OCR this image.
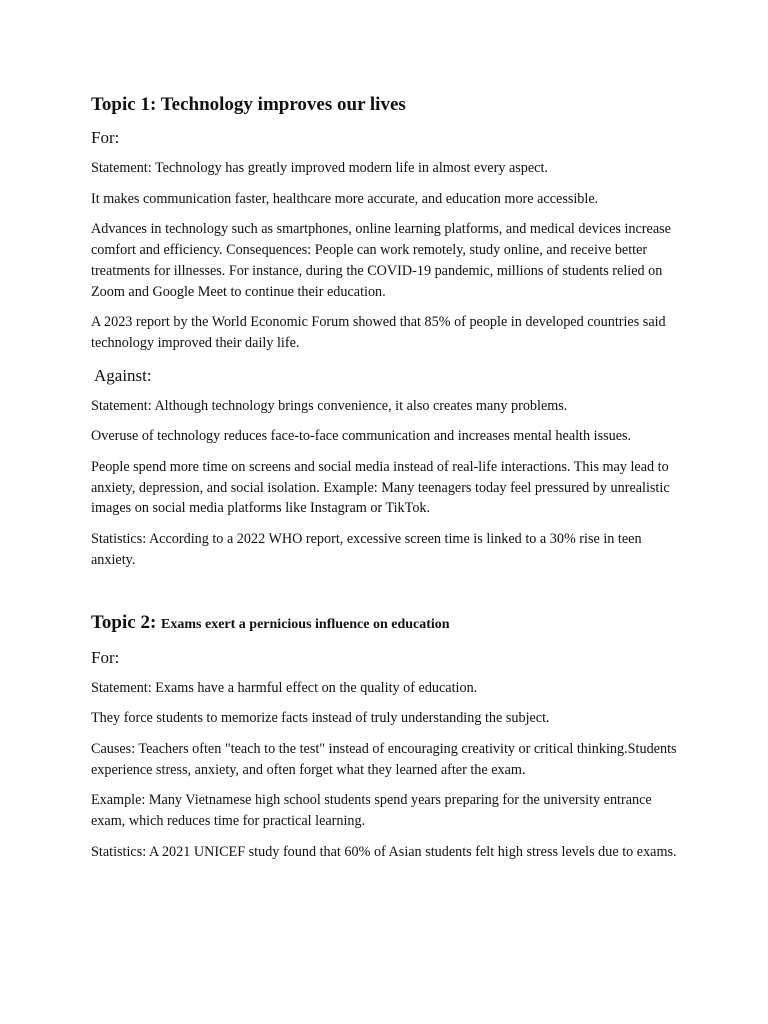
Topic 1: Technology improves our lives
For:

Statement: Technology has greatly improved modern life in almost every aspect.

It makes communication faster, healthcare more accurate, and education more accessible.

Advances in technology such as smartphones, online learning platforms, and medical devices increase comfort and efficiency. Consequences: People can work remotely, study online, and receive better treatments for illnesses. For instance, during the COVID-19 pandemic, millions of students relied on Zoom and Google Meet to continue their education.

A 2023 report by the World Economic Forum showed that 85% of people in developed countries said technology improved their daily life.

Against:

Statement: Although technology brings convenience, it also creates many problems.

Overuse of technology reduces face-to-face communication and increases mental health issues.

People spend more time on screens and social media instead of real-life interactions. This may lead to anxiety, depression, and social isolation. Example: Many teenagers today feel pressured by unrealistic images on social media platforms like Instagram or TikTok.

Statistics: According to a 2022 WHO report, excessive screen time is linked to a 30% rise in teen anxiety.

Topic 2: Exams exert a pernicious influence on education
For:

Statement: Exams have a harmful effect on the quality of education.

They force students to memorize facts instead of truly understanding the subject.

Causes: Teachers often "teach to the test" instead of encouraging creativity or critical thinking.Students experience stress, anxiety, and often forget what they learned after the exam.

Example: Many Vietnamese high school students spend years preparing for the university entrance exam, which reduces time for practical learning.

Statistics: A 2021 UNICEF study found that 60% of Asian students felt high stress levels due to exams.
